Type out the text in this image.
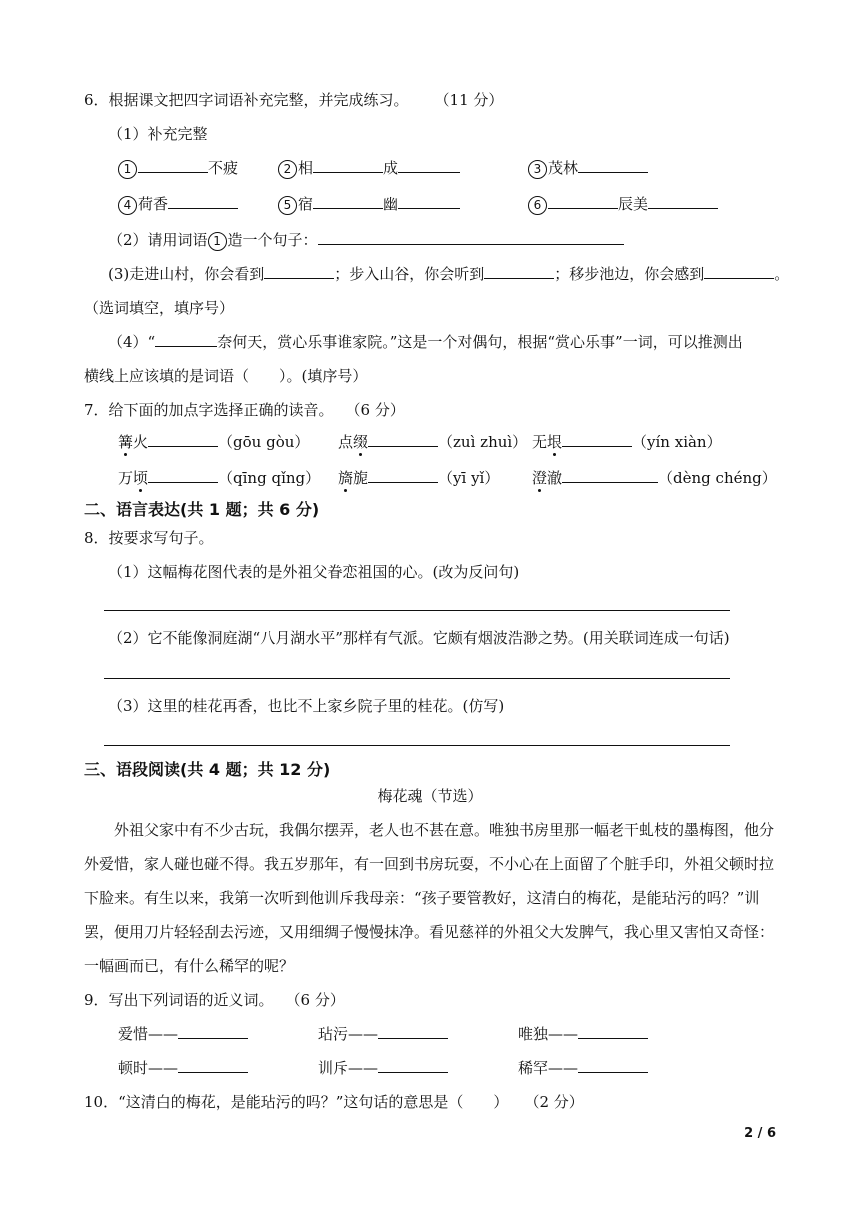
6．根据课文把四字词语补充完整，并完成练习。 （11 分）
（1）补充完整
1	不疲	2 相	成	3 茂林
4 荷香	5 宿	幽	6	辰美
（2）请用词语 1 造一个句子：
(3)走进山村，你会看到	；步入山谷，你会听到	；移步池边，你会感到	。
（选词填空，填序号）
（4）“	奈何天，赏心乐事谁家院。”这是一个对偶句，根据“赏心乐事”一词，可以推测出
横线上应该填的是词语（　　）。(填序号）
7．给下面的加点字选择正确的读音。 （6 分）
篝火	（gōu gòu） 点缀	（zuì zhuì） 无垠	（yín xiàn）
万顷	（qīng qǐng） 旖旎	（yī yǐ） 澄澈	（dèng chéng）
二、语言表达(共 1 题；共 6 分)
8．按要求写句子。
（1）这幅梅花图代表的是外祖父眷恋祖国的心。(改为反问句)
（2）它不能像洞庭湖“八月湖水平”那样有气派。它颇有烟波浩渺之势。(用关联词连成一句话)
（3）这里的桂花再香，也比不上家乡院子里的桂花。(仿写)
三、语段阅读(共 4 题；共 12 分)
梅花魂（节选）
外祖父家中有不少古玩，我偶尔摆弄，老人也不甚在意。唯独书房里那一幅老干虬枝的墨梅图，他分外爱惜，家人碰也碰不得。我五岁那年，有一回到书房玩耍，不小心在上面留了个脏手印，外祖父顿时拉下脸来。有生以来，我第一次听到他训斥我母亲：“孩子要管教好，这清白的梅花，是能玷污的吗？”训罢，便用刀片轻轻刮去污迹，又用细绸子慢慢抹净。看见慈祥的外祖父大发脾气，我心里又害怕又奇怪：一幅画而已，有什么稀罕的呢？
9．写出下列词语的近义词。 （6 分）
爱惜——	玷污——	唯独——
顿时——	训斥——	稀罕——
10．“这清白的梅花，是能玷污的吗？”这句话的意思是（　　） （2 分）
2 / 6
